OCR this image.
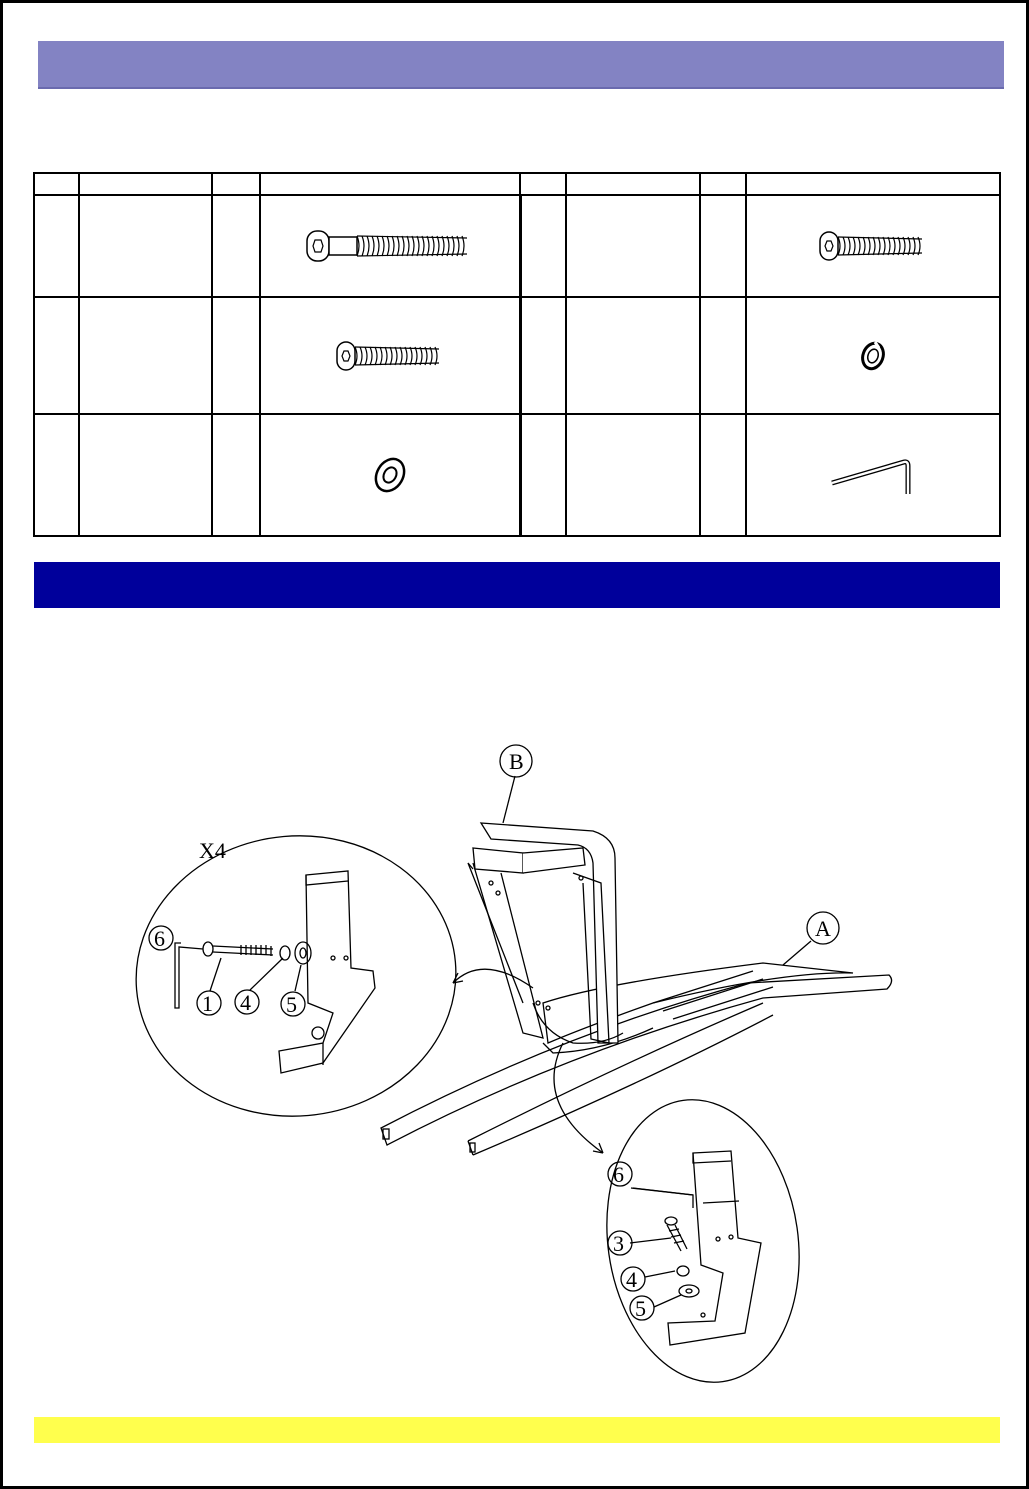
B
A
X4
6
1 4 5
6
3
4
5
